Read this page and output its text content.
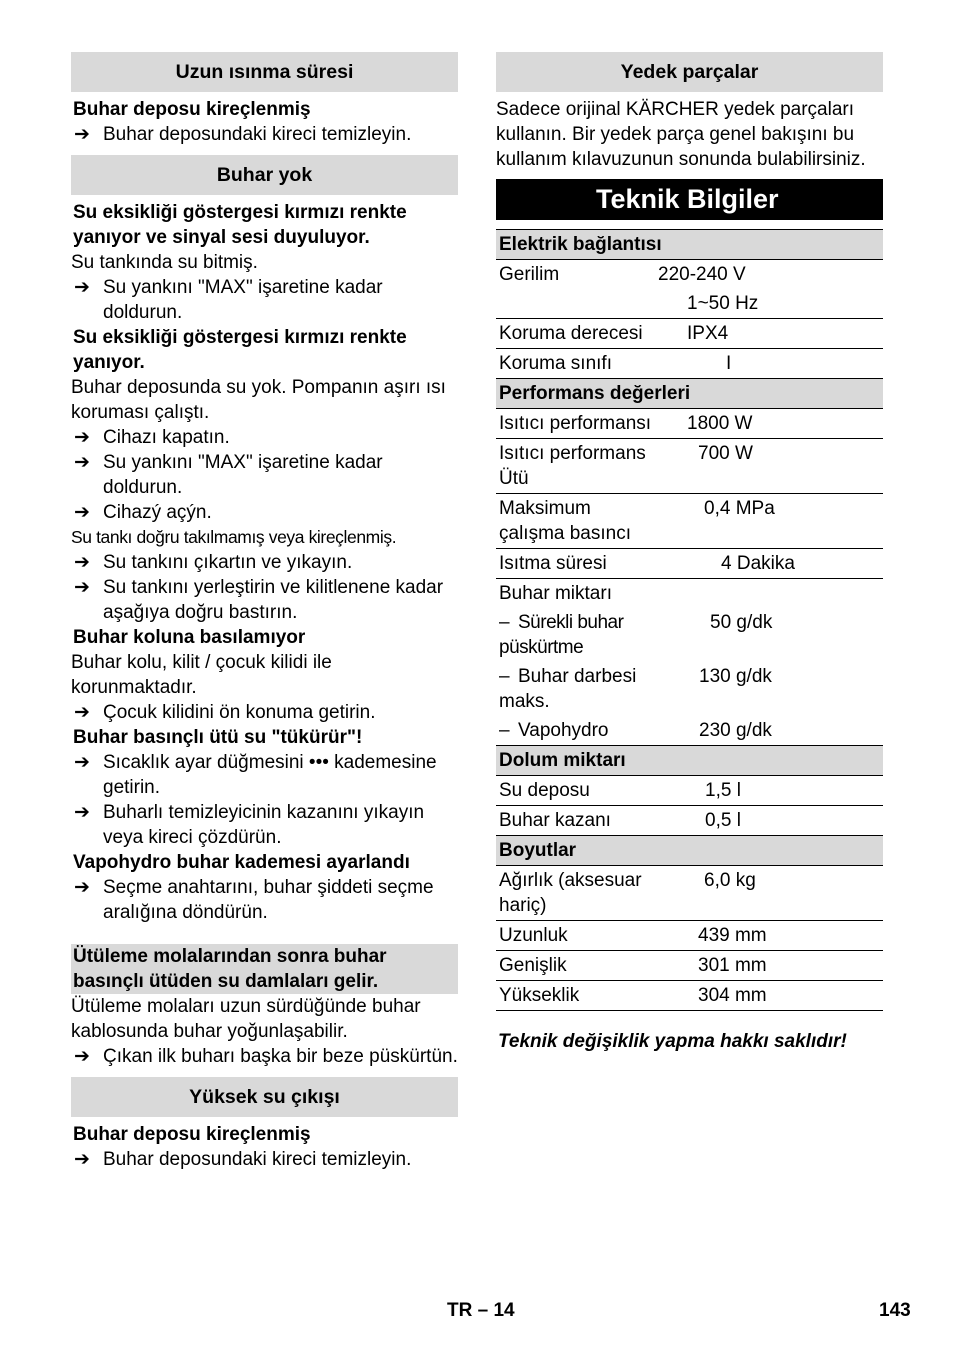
Uzun ısınma süresi
Buhar deposu kireçlenmiş
➔ Buhar deposundaki kireci temizleyin.
Buhar yok
Su eksikliği göstergesi kırmızı renkte yanıyor ve sinyal sesi duyuluyor.
Su tankında su bitmiş.
➔ Su yankını "MAX" işaretine kadar doldurun.
Su eksikliği göstergesi kırmızı renkte yanıyor.
Buhar deposunda su yok. Pompanın aşırı ısı koruması çalıştı.
➔ Cihazı kapatın.
➔ Su yankını "MAX" işaretine kadar doldurun.
➔ Cihazý açýn.
Su tankı doğru takılmamış veya kireçlenmiş.
➔ Su tankını çıkartın ve yıkayın.
➔ Su tankını yerleştirin ve kilitlenene kadar aşağıya doğru bastırın.
Buhar koluna basılamıyor
Buhar kolu, kilit / çocuk kilidi ile korunmaktadır.
➔ Çocuk kilidini ön konuma getirin.
Buhar basınçlı ütü su "tükürür"!
➔ Sıcaklık ayar düğmesini ••• kademesine getirin.
➔ Buharlı temizleyicinin kazanını yıkayın veya kireci çözdürün.
Vapohydro buhar kademesi ayarlandı
➔ Seçme anahtarını, buhar şiddeti seçme aralığına döndürün.
Ütüleme molalarından sonra buhar basınçlı ütüden su damlaları gelir.
Ütüleme molaları uzun sürdüğünde buhar kablosunda buhar yoğunlaşabilir.
➔ Çıkan ilk buharı başka bir beze püskürtün.
Yüksek su çıkışı
Buhar deposu kireçlenmiş
➔ Buhar deposundaki kireci temizleyin.
Yedek parçalar
Sadece orijinal KÄRCHER yedek parçaları kullanın. Bir yedek parça genel bakışını bu kullanım kılavuzunun sonunda bulabilirsiniz.
Teknik Bilgiler
Elektrik bağlantısı	
Gerilim	220-240 V
	1~50 Hz
Koruma derecesi	IPX4
Koruma sınıfı	I
Performans değerleri	
Isıtıcı performansı	1800 W
Isıtıcı performans Ütü	700 W
Maksimum çalışma basıncı	0,4 MPa
Isıtma süresi	4 Dakika
Buhar miktarı	
– Sürekli buhar püskürtme	50 g/dk
– Buhar darbesi maks.	130 g/dk
– Vapohydro	230 g/dk
Dolum miktarı	
Su deposu	1,5 l
Buhar kazanı	0,5 l
Boyutlar	
Ağırlık (aksesuar hariç)	6,0 kg
Uzunluk	439 mm
Genişlik	301 mm
Yükseklik	304 mm
Teknik değişiklik yapma hakkı saklıdır!
TR – 14	143
